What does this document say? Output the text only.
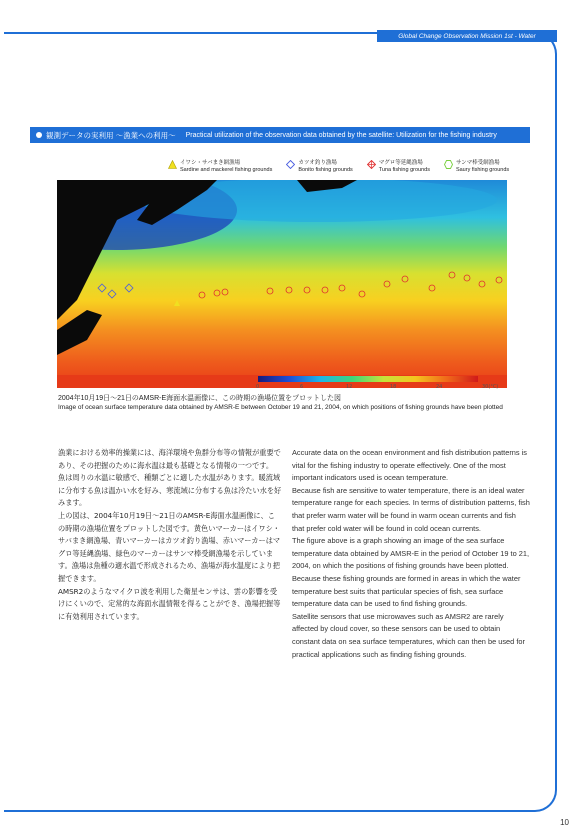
Global Change Observation Mission 1st - Water
観測データの実利用 〜漁業への利用〜 Practical utilization of the observation data obtained by the satellite: Utilization for the fishing industry
イワシ・サバまき網漁場
Sardine and mackerel fishing grounds
カツオ釣り漁場
Bonito fishing grounds
マグロ等延縄漁場
Tuna fishing grounds
サンマ棒受網漁場
Saury fishing grounds
0	6	12	18	24	30(°C)
2004年10月19日〜21日のAMSR-E海面水温画像に、この時期の漁場位置をプロットした図
Image of ocean surface temperature data obtained by AMSR-E between October 19 and 21, 2004, on which positions of fishing grounds have been plotted

漁業における効率的操業には、海洋環境や魚群分布等の情報が重要であり、その把握のために海水温は最も基礎となる情報の一つです。

魚は周りの水温に敏感で、種類ごとに適した水温があります。暖流域に分布する魚は温かい水を好み、寒流域に分布する魚は冷たい水を好みます。

上の図は、2004年10月19日〜21日のAMSR-E海面水温画像に、この時期の漁場位置をプロットした図です。黄色いマーカーはイワシ・サバまき網漁場、青いマーカーはカツオ釣り漁場、赤いマーカーはマグロ等延縄漁場、緑色のマーカーはサンマ棒受網漁場を示しています。漁場は魚種の適水温で形成されるため、漁場が海水温度により把握できます。

AMSR2のようなマイクロ波を利用した衛星センサは、雲の影響を受けにくいので、定常的な海面水温情報を得ることができ、漁場把握等に有効利用されています。

Accurate data on the ocean environment and fish distribution patterns is vital for the fishing industry to operate effectively. One of the most important indicators used is ocean temperature.

Because fish are sensitive to water temperature, there is an ideal water temperature range for each species. In terms of distribution patterns, fish that prefer warm water will be found in warm ocean currents and fish that prefer cold water will be found in cold ocean currents.

The figure above is a graph showing an image of the sea surface temperature data obtained by AMSR-E in the period of October 19 to 21, 2004, on which the positions of fishing grounds have been plotted. Because these fishing grounds are formed in areas in which the water temperature best suits that particular species of fish, sea surface temperature data can be used to find fishing grounds.

Satellite sensors that use microwaves such as AMSR2 are rarely affected by cloud cover, so these sensors can be used to obtain constant data on sea surface temperatures, which can then be used for practical applications such as finding fishing grounds.

10
